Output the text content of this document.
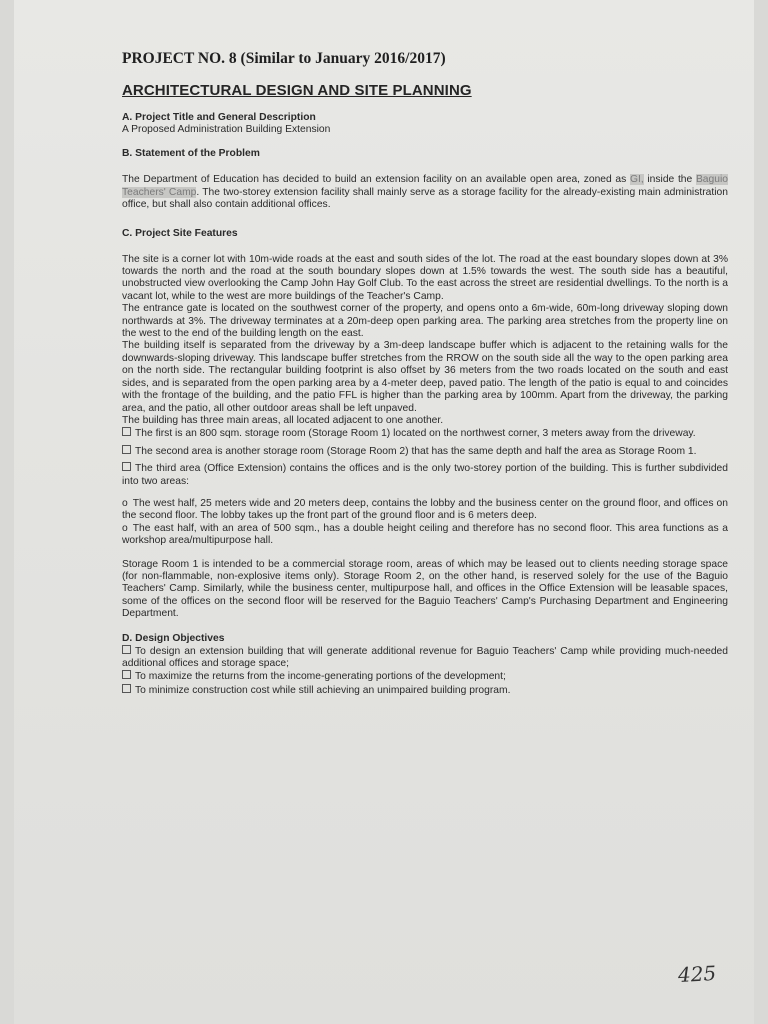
PROJECT NO. 8 (Similar to January 2016/2017)
ARCHITECTURAL DESIGN AND SITE PLANNING
A. Project Title and General Description

A Proposed Administration Building Extension

B. Statement of the Problem

The Department of Education has decided to build an extension facility on an available open area, zoned as GI, inside the Baguio Teachers' Camp. The two-storey extension facility shall mainly serve as a storage facility for the already-existing main administration office, but shall also contain additional offices.

C. Project Site Features

The site is a corner lot with 10m-wide roads at the east and south sides of the lot. The road at the east boundary slopes down at 3% towards the north and the road at the south boundary slopes down at 1.5% towards the west. The south side has a beautiful, unobstructed view overlooking the Camp John Hay Golf Club. To the east across the street are residential dwellings. To the north is a vacant lot, while to the west are more buildings of the Teacher's Camp.

The entrance gate is located on the southwest corner of the property, and opens onto a 6m-wide, 60m-long driveway sloping down northwards at 3%. The driveway terminates at a 20m-deep open parking area. The parking area stretches from the property line on the west to the end of the building length on the east.

The building itself is separated from the driveway by a 3m-deep landscape buffer which is adjacent to the retaining walls for the downwards-sloping driveway. This landscape buffer stretches from the RROW on the south side all the way to the open parking area on the north side. The rectangular building footprint is also offset by 36 meters from the two roads located on the south and east sides, and is separated from the open parking area by a 4-meter deep, paved patio. The length of the patio is equal to and coincides with the frontage of the building, and the patio FFL is higher than the parking area by 100mm. Apart from the driveway, the parking area, and the patio, all other outdoor areas shall be left unpaved.

The building has three main areas, all located adjacent to one another.

The first is an 800 sqm. storage room (Storage Room 1) located on the northwest corner, 3 meters away from the driveway.

The second area is another storage room (Storage Room 2) that has the same depth and half the area as Storage Room 1.

The third area (Office Extension) contains the offices and is the only two-storey portion of the building. This is further subdivided into two areas:

o The west half, 25 meters wide and 20 meters deep, contains the lobby and the business center on the ground floor, and offices on the second floor. The lobby takes up the front part of the ground floor and is 6 meters deep.

o The east half, with an area of 500 sqm., has a double height ceiling and therefore has no second floor. This area functions as a workshop area/multipurpose hall.

Storage Room 1 is intended to be a commercial storage room, areas of which may be leased out to clients needing storage space (for non-flammable, non-explosive items only). Storage Room 2, on the other hand, is reserved solely for the use of the Baguio Teachers' Camp. Similarly, while the business center, multipurpose hall, and offices in the Office Extension will be leasable spaces, some of the offices on the second floor will be reserved for the Baguio Teachers' Camp's Purchasing Department and Engineering Department.

D. Design Objectives

To design an extension building that will generate additional revenue for Baguio Teachers' Camp while providing much-needed additional offices and storage space;

To maximize the returns from the income-generating portions of the development;

To minimize construction cost while still achieving an unimpaired building program.

425
